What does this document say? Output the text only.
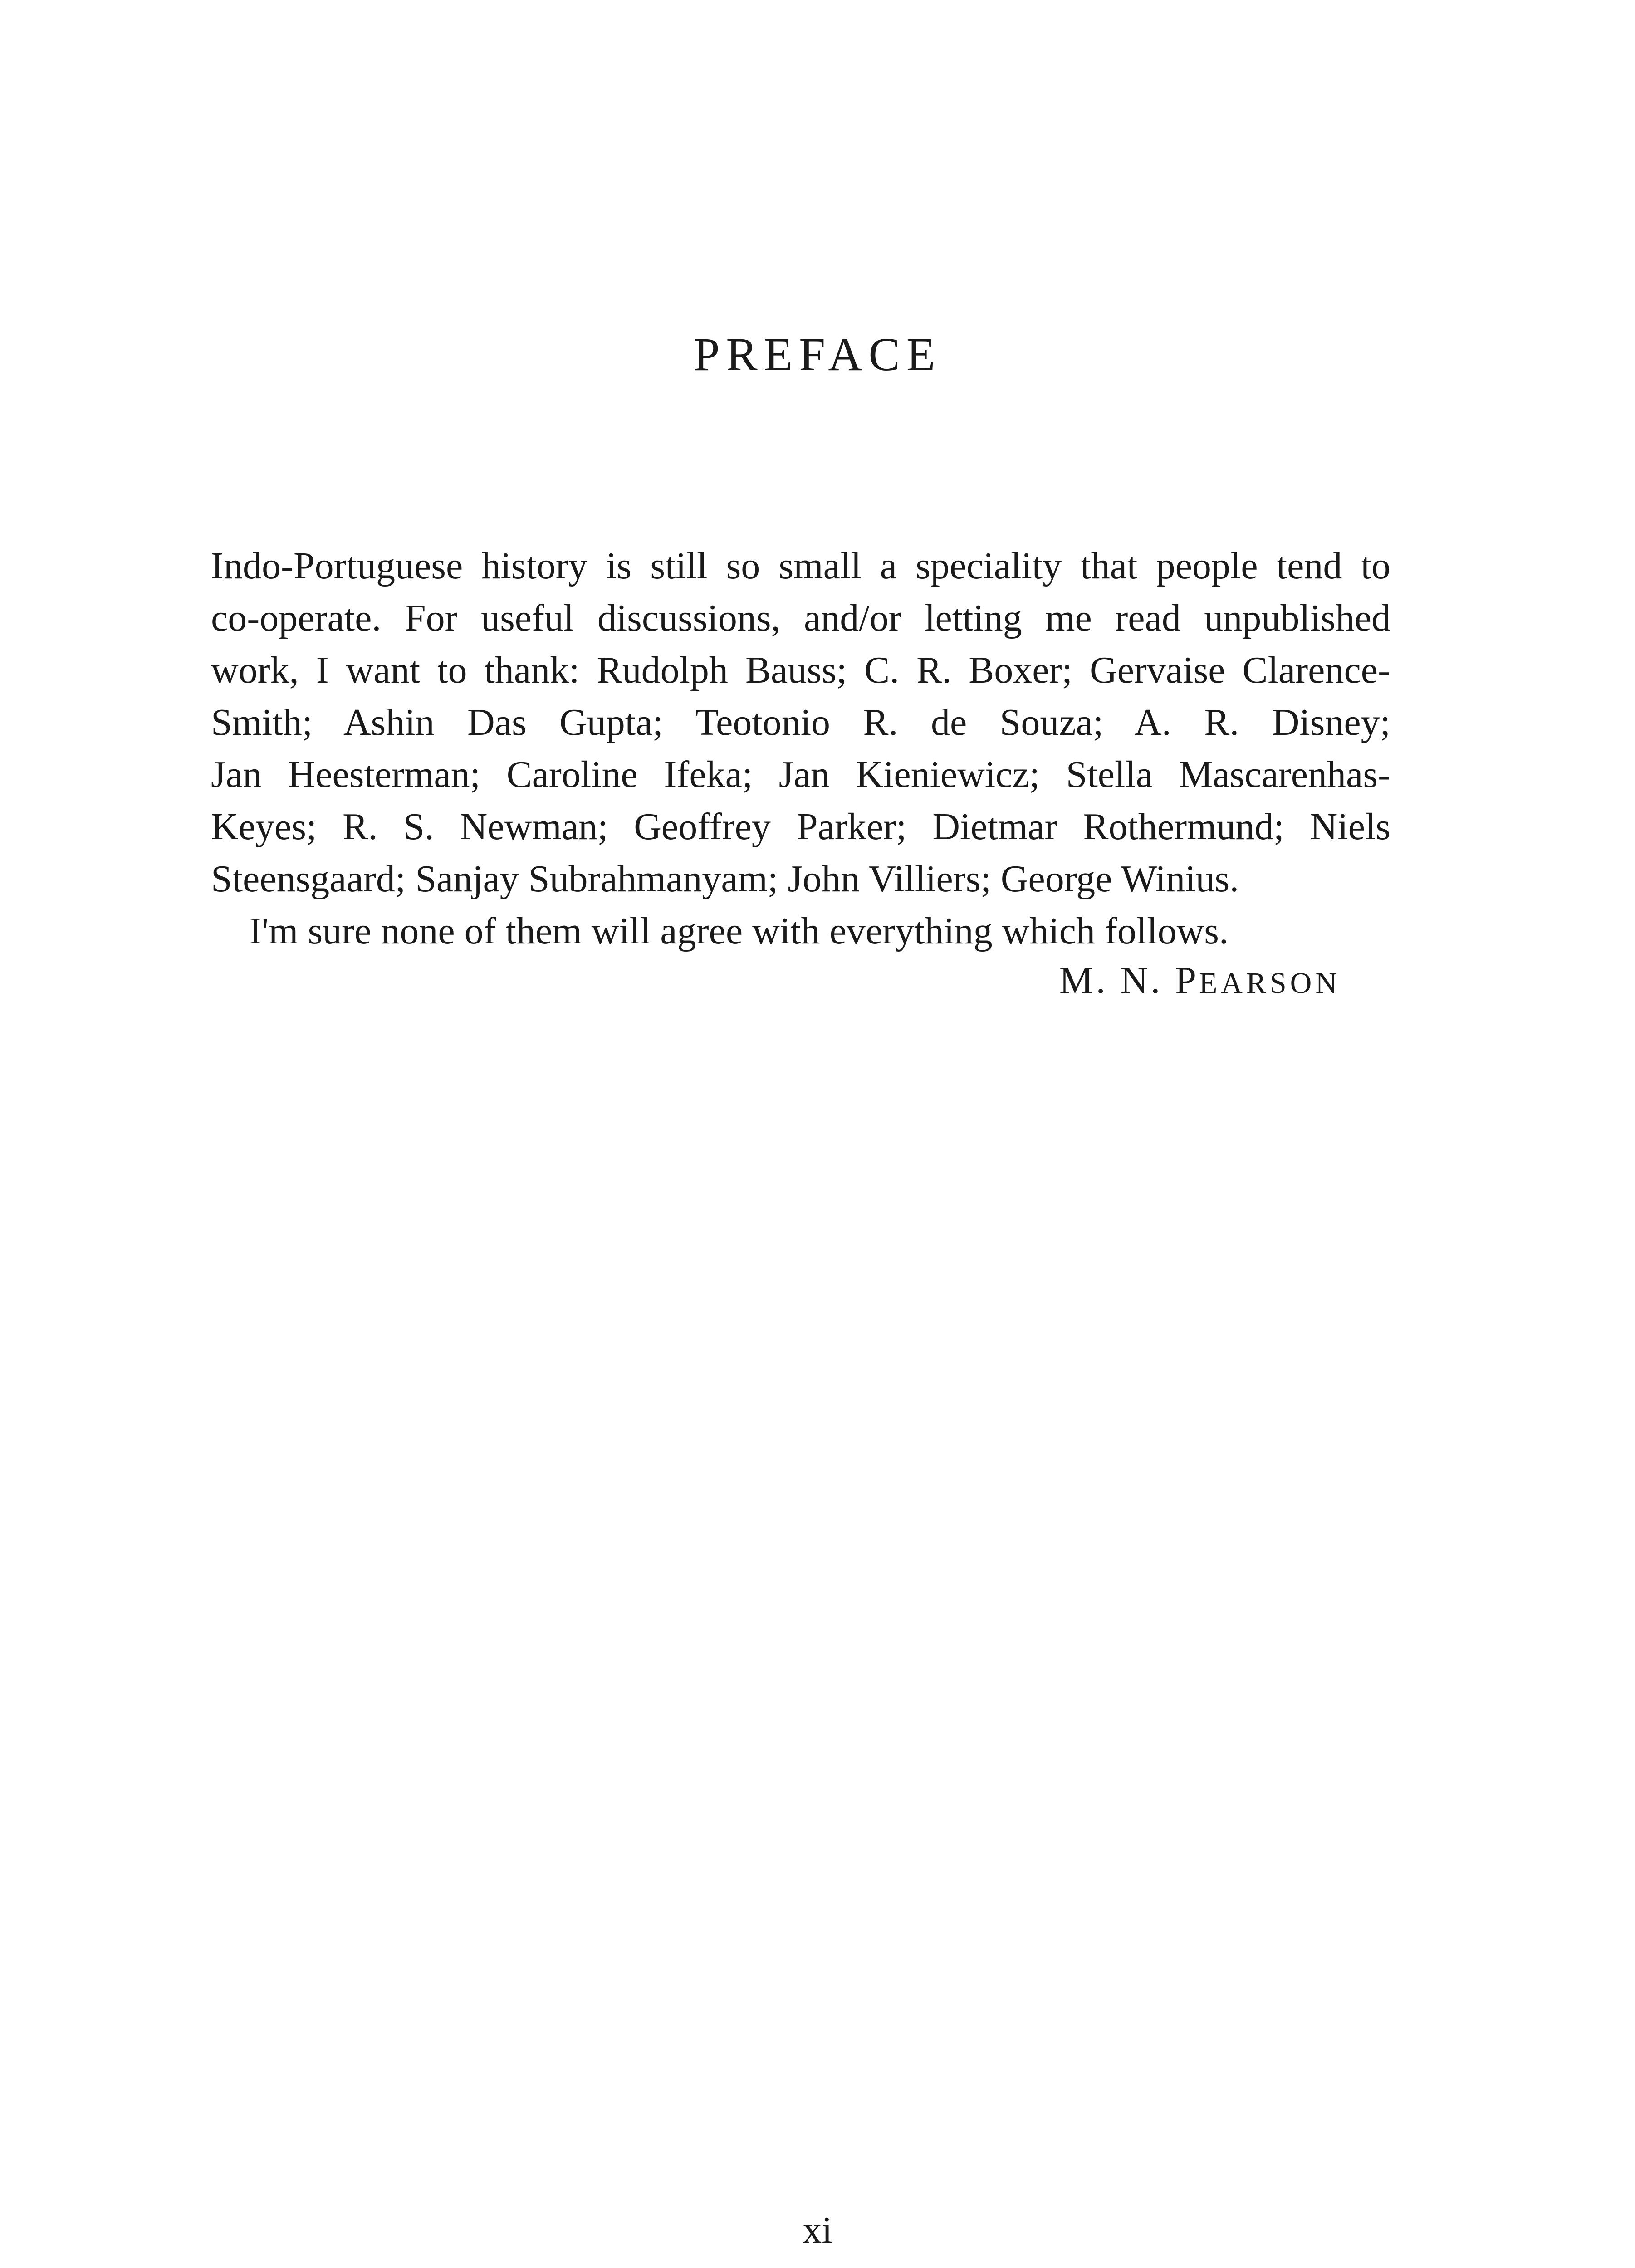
PREFACE
Indo-Portuguese history is still so small a speciality that people tend to
co-operate. For useful discussions, and/or letting me read unpublished
work, I want to thank: Rudolph Bauss; C. R. Boxer; Gervaise Clarence-
Smith; Ashin Das Gupta; Teotonio R. de Souza; A. R. Disney;
Jan Heesterman; Caroline Ifeka; Jan Kieniewicz; Stella Mascarenhas-
Keyes; R. S. Newman; Geoffrey Parker; Dietmar Rothermund; Niels
Steensgaard; Sanjay Subrahmanyam; John Villiers; George Winius.
I'm sure none of them will agree with everything which follows.
M. N. PEARSON
xi
